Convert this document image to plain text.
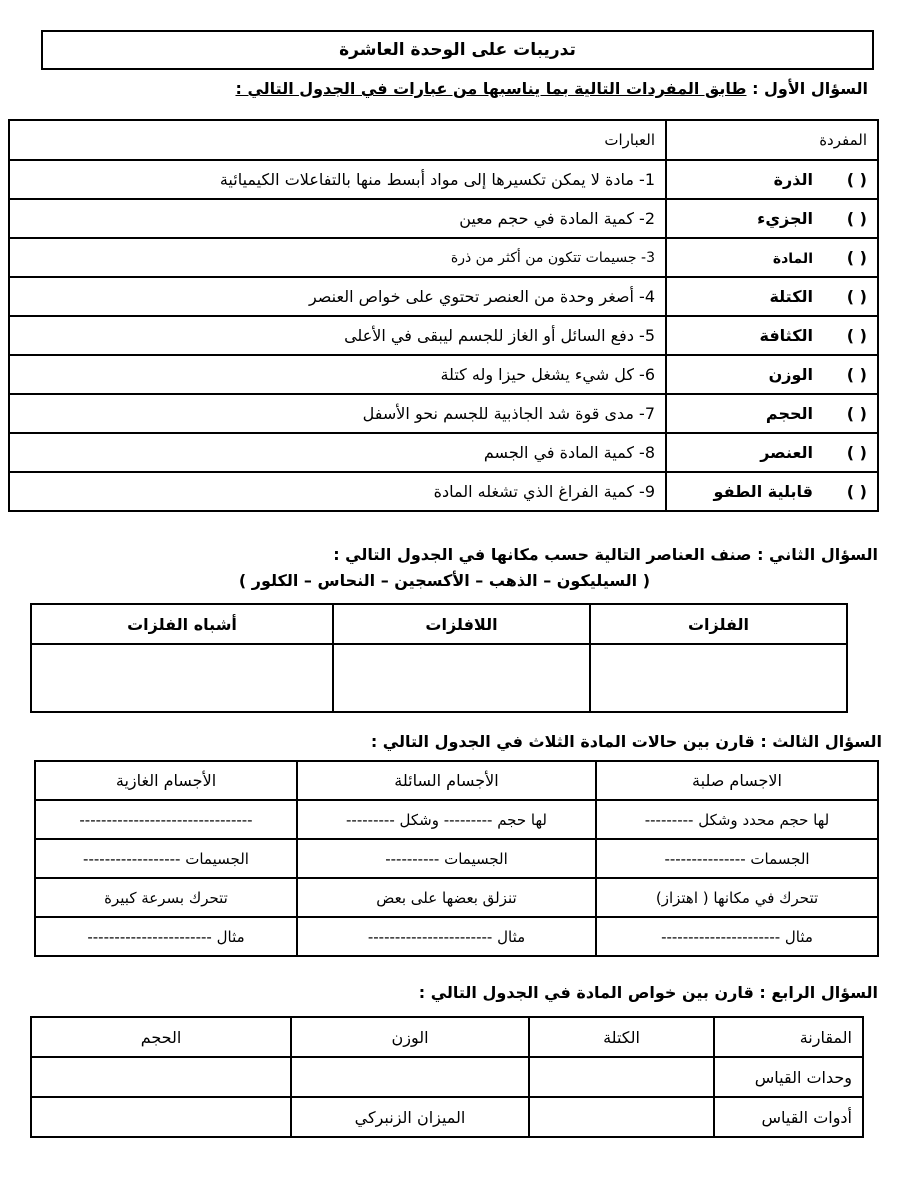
تدريبات على الوحدة العاشرة
السؤال الأول : طابق المفردات التالية بما يناسبها من عبارات في الجدول التالي :
المفردة	العبارات
( )الذرة	1- مادة لا يمكن تكسيرها إلى مواد أبسط منها بالتفاعلات الكيميائية
( )الجزيء	2- كمية المادة في حجم معين
( )المادة	3- جسيمات تتكون من أكثر من ذرة
( )الكتلة	4- أصغر وحدة من العنصر تحتوي على خواص العنصر
( )الكثافة	5- دفع السائل أو الغاز للجسم ليبقى في الأعلى
( )الوزن	6- كل شيء يشغل حيزا وله كتلة
( )الحجم	7- مدى قوة شد الجاذبية للجسم نحو الأسفل
( )العنصر	8- كمية المادة في الجسم
( )قابلية الطفو	9- كمية الفراغ الذي تشغله المادة
السؤال الثاني : صنف العناصر التالية حسب مكانها في الجدول التالي :
( السيليكون – الذهب – الأكسجين – النحاس – الكلور )
الفلزات	اللافلزات	أشباه الفلزات

السؤال الثالث : قارن بين حالات المادة الثلاث في الجدول التالي :
الاجسام صلبة	الأجسام السائلة	الأجسام الغازية
لها حجم محدد وشكل ---------	لها حجم --------- وشكل ---------	--------------------------------
الجسمات ---------------	الجسيمات ----------	الجسيمات ------------------
تتحرك في مكانها ( اهتزاز)	تنزلق بعضها على بعض	تتحرك بسرعة كبيرة
مثال ----------------------	مثال -----------------------	مثال -----------------------
السؤال الرابع : قارن بين خواص المادة في الجدول التالي :
المقارنة	الكتلة	الوزن	الحجم
وحدات القياس			
أدوات القياس		الميزان الزنبركي	
